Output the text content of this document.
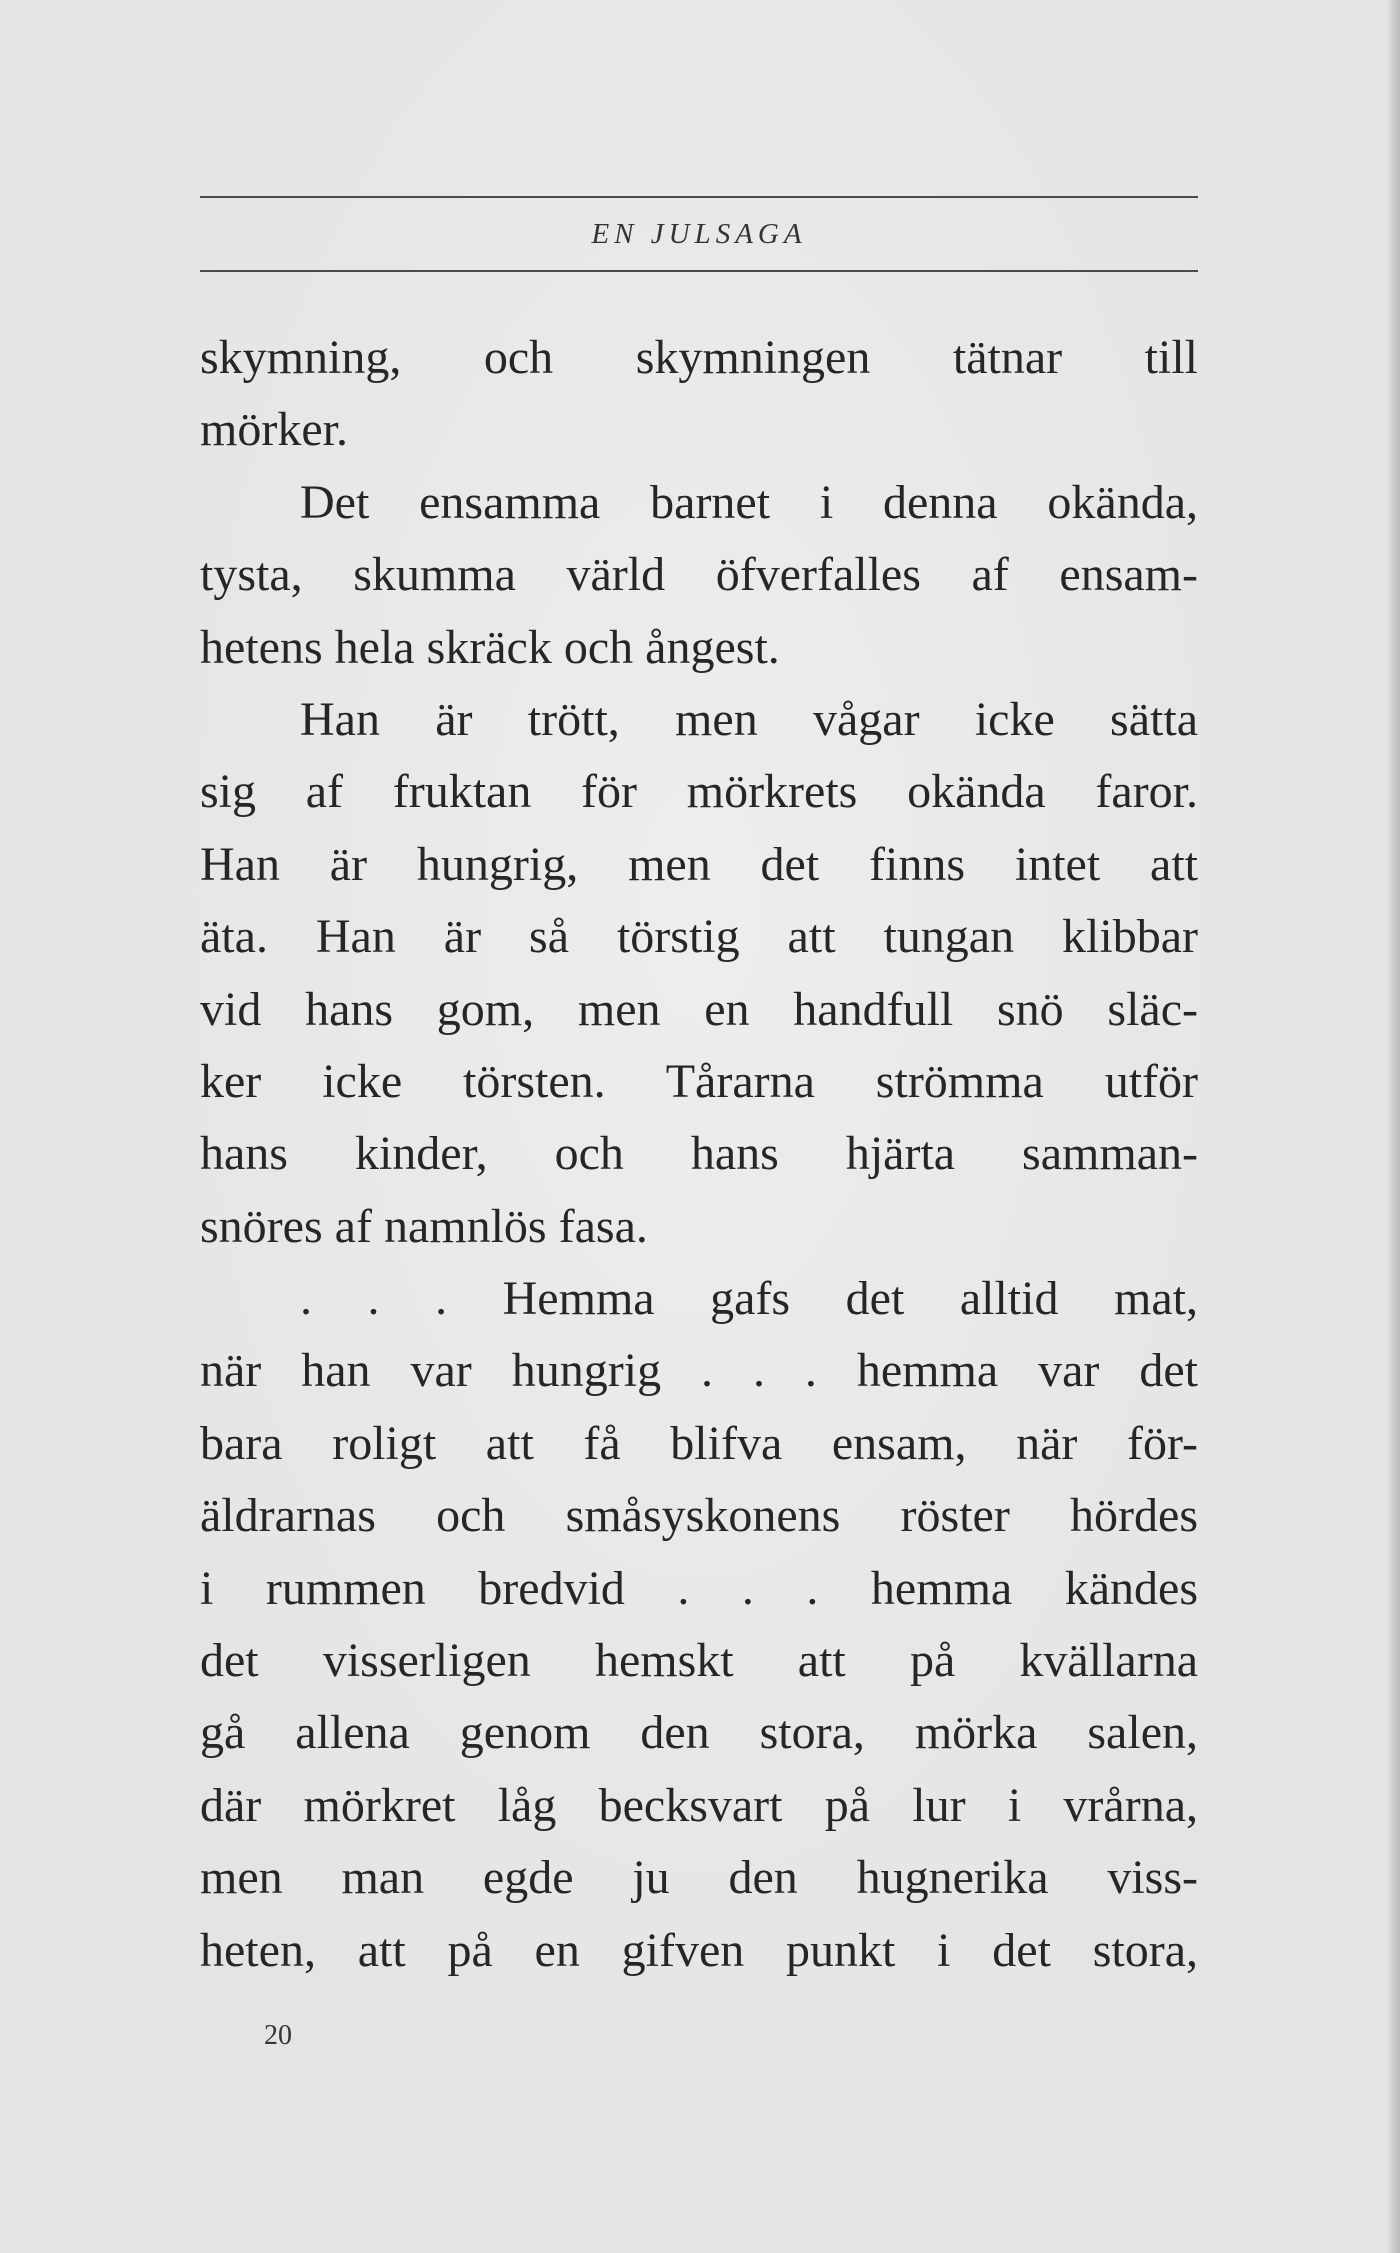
EN JULSAGA
skymning, och skymningen tätnar till
mörker.
Det ensamma barnet i denna okända,
tysta, skumma värld öfverfalles af ensam-
hetens hela skräck och ångest.
Han är trött, men vågar icke sätta
sig af fruktan för mörkrets okända faror.
Han är hungrig, men det finns intet att
äta. Han är så törstig att tungan klibbar
vid hans gom, men en handfull snö släc-
ker icke törsten. Tårarna strömma utför
hans kinder, och hans hjärta samman-
snöres af namnlös fasa.
. . . Hemma gafs det alltid mat,
när han var hungrig . . . hemma var det
bara roligt att få blifva ensam, när för-
äldrarnas och småsyskonens röster hördes
i rummen bredvid . . . hemma kändes
det visserligen hemskt att på kvällarna
gå allena genom den stora, mörka salen,
där mörkret låg becksvart på lur i vrårna,
men man egde ju den hugnerika viss-
heten, att på en gifven punkt i det stora,
20
